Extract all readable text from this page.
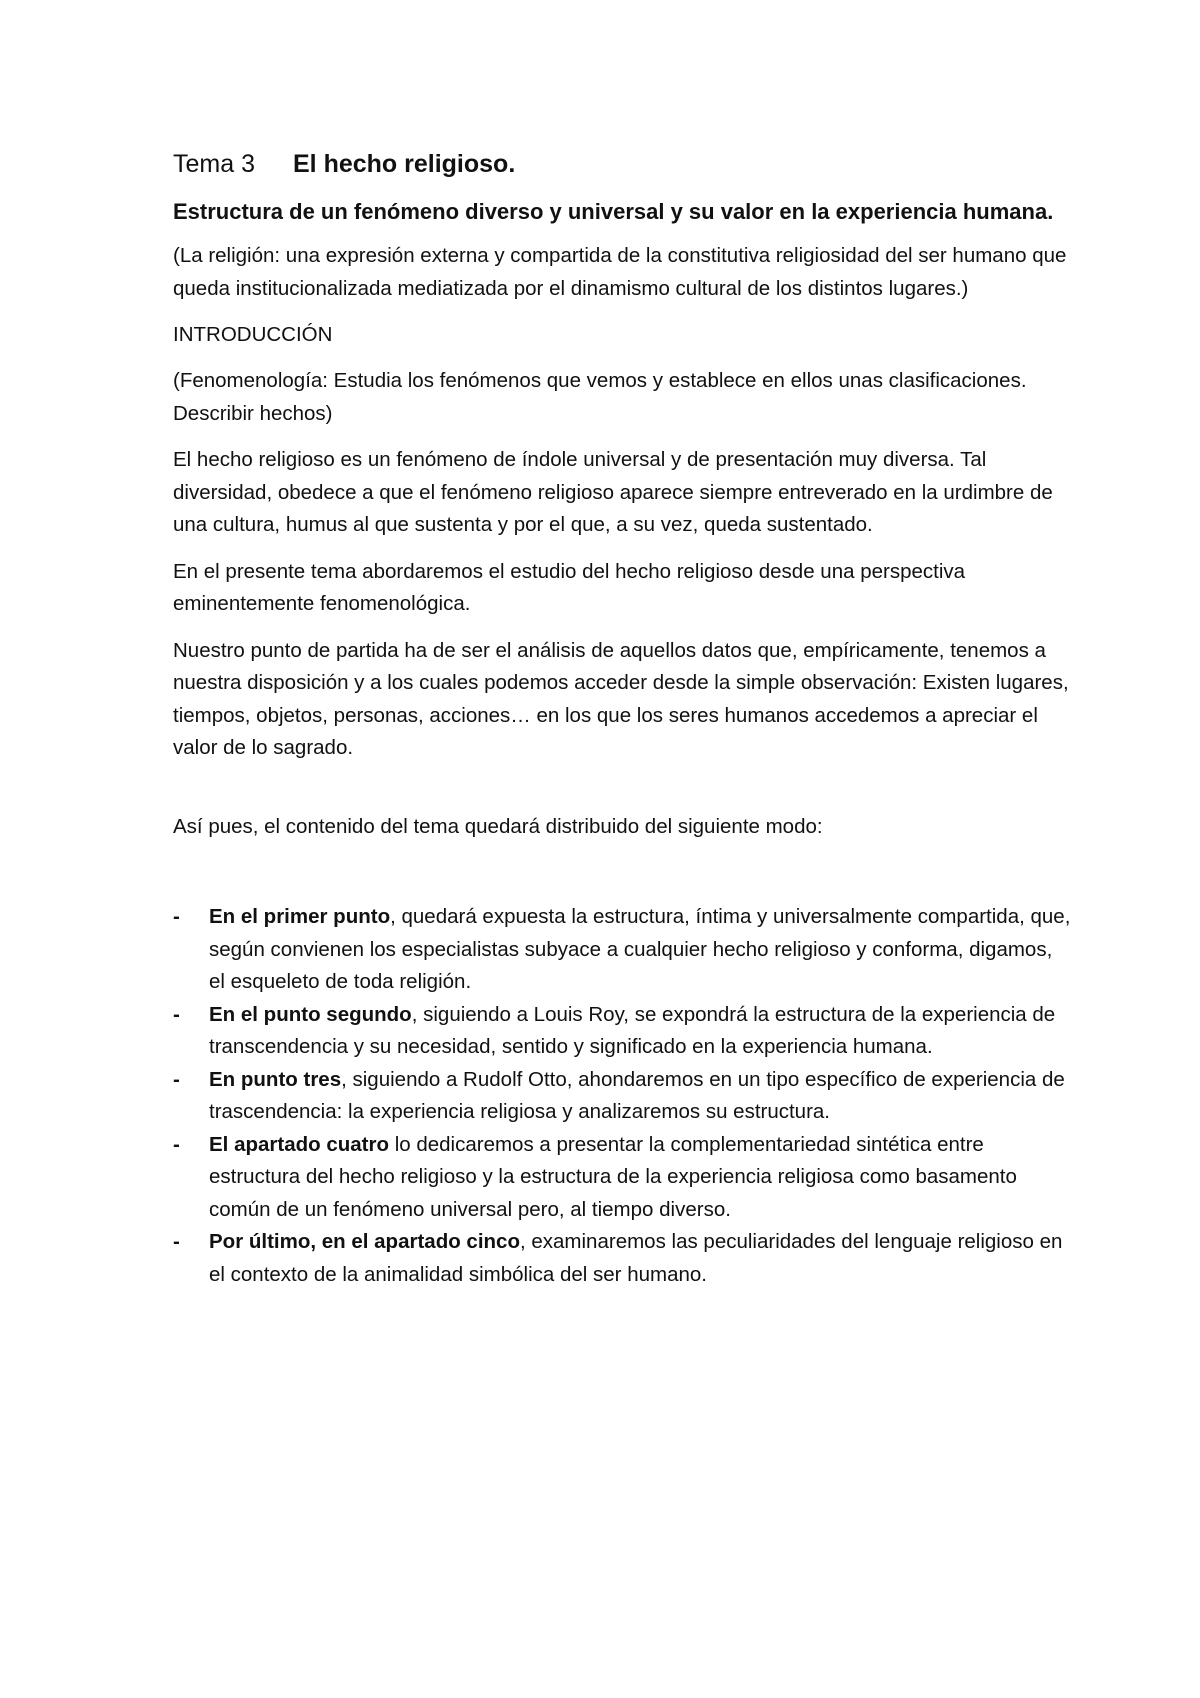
Tema 3 El hecho religioso.
Estructura de un fenómeno diverso y universal y su valor en la experiencia humana.

(La religión: una expresión externa y compartida de la constitutiva religiosidad del ser humano que queda institucionalizada mediatizada por el dinamismo cultural de los distintos lugares.)

INTRODUCCIÓN

(Fenomenología: Estudia los fenómenos que vemos y establece en ellos unas clasificaciones. Describir hechos)

El hecho religioso es un fenómeno de índole universal y de presentación muy diversa. Tal diversidad, obedece a que el fenómeno religioso aparece siempre entreverado en la urdimbre de una cultura, humus al que sustenta y por el que, a su vez, queda sustentado.

En el presente tema abordaremos el estudio del hecho religioso desde una perspectiva eminentemente fenomenológica.

Nuestro punto de partida ha de ser el análisis de aquellos datos que, empíricamente, tenemos a nuestra disposición y a los cuales podemos acceder desde la simple observación: Existen lugares, tiempos, objetos, personas, acciones… en los que los seres humanos accedemos a apreciar el valor de lo sagrado.

Así pues, el contenido del tema quedará distribuido del siguiente modo:

- En el primer punto, quedará expuesta la estructura, íntima y universalmente compartida, que, según convienen los especialistas subyace a cualquier hecho religioso y conforma, digamos, el esqueleto de toda religión.
- En el punto segundo, siguiendo a Louis Roy, se expondrá la estructura de la experiencia de transcendencia y su necesidad, sentido y significado en la experiencia humana.
- En punto tres, siguiendo a Rudolf Otto, ahondaremos en un tipo específico de experiencia de trascendencia: la experiencia religiosa y analizaremos su estructura.
- El apartado cuatro lo dedicaremos a presentar la complementariedad sintética entre estructura del hecho religioso y la estructura de la experiencia religiosa como basamento común de un fenómeno universal pero, al tiempo diverso.
- Por último, en el apartado cinco, examinaremos las peculiaridades del lenguaje religioso en el contexto de la animalidad simbólica del ser humano.
